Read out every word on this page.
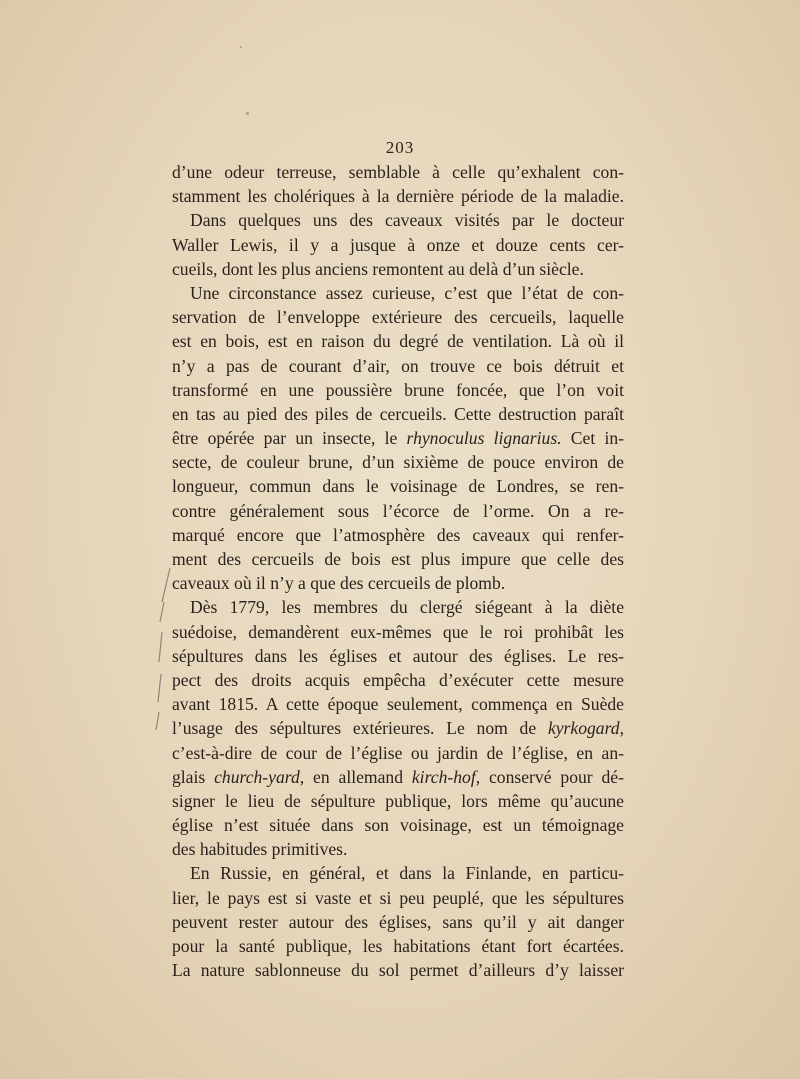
203
d’une odeur terreuse, semblable à celle qu’exhalent con-
stamment les cholériques à la dernière période de la maladie.
Dans quelques uns des caveaux visités par le docteur
Waller Lewis, il y a jusque à onze et douze cents cer-
cueils, dont les plus anciens remontent au delà d’un siècle.
Une circonstance assez curieuse, c’est que l’état de con-
servation de l’enveloppe extérieure des cercueils, laquelle
est en bois, est en raison du degré de ventilation. Là où il
n’y a pas de courant d’air, on trouve ce bois détruit et
transformé en une poussière brune foncée, que l’on voit
en tas au pied des piles de cercueils. Cette destruction paraît
être opérée par un insecte, le rhynoculus lignarius. Cet in-
secte, de couleur brune, d’un sixième de pouce environ de
longueur, commun dans le voisinage de Londres, se ren-
contre généralement sous l’écorce de l’orme. On a re-
marqué encore que l’atmosphère des caveaux qui renfer-
ment des cercueils de bois est plus impure que celle des
caveaux où il n’y a que des cercueils de plomb.
Dès 1779, les membres du clergé siégeant à la diète
suédoise, demandèrent eux-mêmes que le roi prohibât les
sépultures dans les églises et autour des églises. Le res-
pect des droits acquis empêcha d’exécuter cette mesure
avant 1815. A cette époque seulement, commença en Suède
l’usage des sépultures extérieures. Le nom de kyrkogard,
c’est-à-dire de cour de l’église ou jardin de l’église, en an-
glais church-yard, en allemand kirch-hof, conservé pour dé-
signer le lieu de sépulture publique, lors même qu’aucune
église n’est située dans son voisinage, est un témoignage
des habitudes primitives.
En Russie, en général, et dans la Finlande, en particu-
lier, le pays est si vaste et si peu peuplé, que les sépultures
peuvent rester autour des églises, sans qu’il y ait danger
pour la santé publique, les habitations étant fort écartées.
La nature sablonneuse du sol permet d’ailleurs d’y laisser
